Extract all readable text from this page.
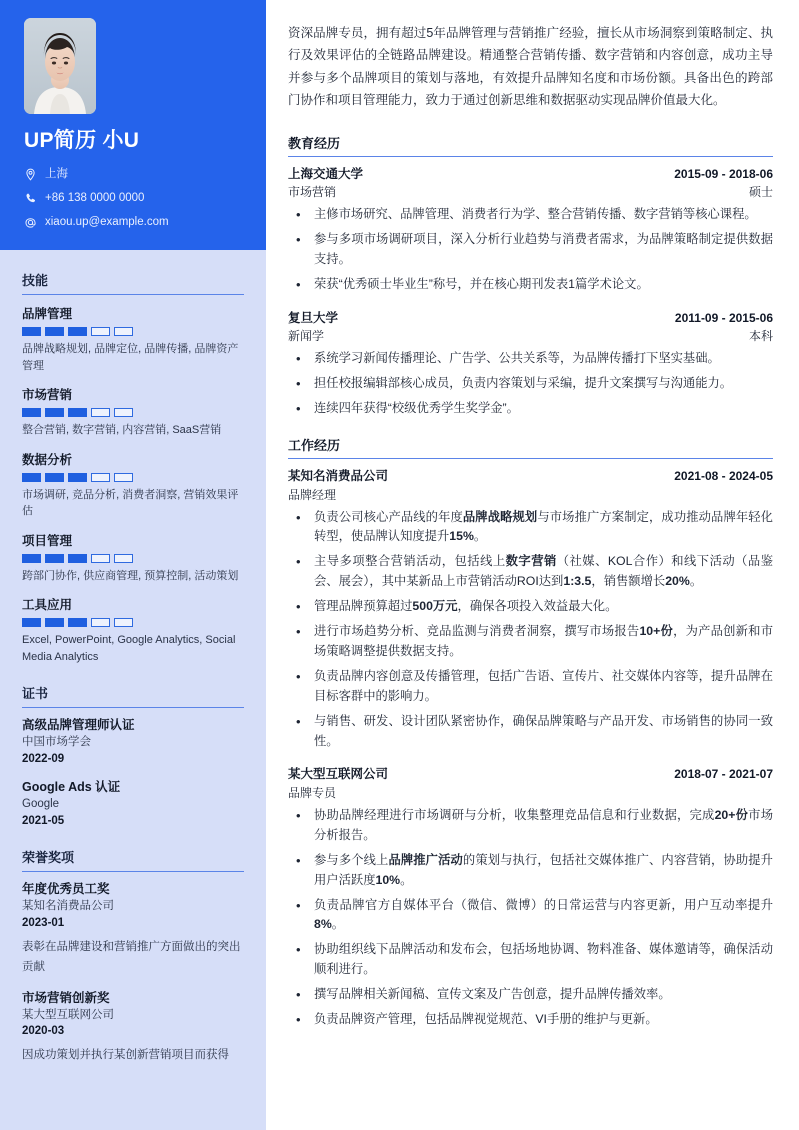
UP简历 小U
上海
+86 138 0000 0000
xiaou.up@example.com
技能
品牌管理
品牌战略规划, 品牌定位, 品牌传播, 品牌资产管理
市场营销
整合营销, 数字营销, 内容营销, SaaS营销
数据分析
市场调研, 竞品分析, 消费者洞察, 营销效果评估
项目管理
跨部门协作, 供应商管理, 预算控制, 活动策划
工具应用
Excel, PowerPoint, Google Analytics, Social Media Analytics
证书
高级品牌管理师认证
中国市场学会
2022-09
Google Ads 认证
Google
2021-05
荣誉奖项
年度优秀员工奖
某知名消费品公司
2023-01
表彰在品牌建设和营销推广方面做出的突出贡献
市场营销创新奖
某大型互联网公司
2020-03
因成功策划并执行某创新营销项目而获得

资深品牌专员，拥有超过5年品牌管理与营销推广经验，擅长从市场洞察到策略制定、执行及效果评估的全链路品牌建设。精通整合营销传播、数字营销和内容创意，成功主导并参与多个品牌项目的策划与落地，有效提升品牌知名度和市场份额。具备出色的跨部门协作和项目管理能力，致力于通过创新思维和数据驱动实现品牌价值最大化。

教育经历
上海交通大学	2015-09 - 2018-06
市场营销	硕士
• 主修市场研究、品牌管理、消费者行为学、整合营销传播、数字营销等核心课程。
• 参与多项市场调研项目，深入分析行业趋势与消费者需求，为品牌策略制定提供数据支持。
• 荣获“优秀硕士毕业生”称号，并在核心期刊发表1篇学术论文。
复旦大学	2011-09 - 2015-06
新闻学	本科
• 系统学习新闻传播理论、广告学、公共关系等，为品牌传播打下坚实基础。
• 担任校报编辑部核心成员，负责内容策划与采编，提升文案撰写与沟通能力。
• 连续四年获得“校级优秀学生奖学金”。
工作经历
某知名消费品公司	2021-08 - 2024-05
品牌经理
• 负责公司核心产品线的年度品牌战略规划与市场推广方案制定，成功推动品牌年轻化转型，使品牌认知度提升15%。
• 主导多项整合营销活动，包括线上数字营销（社媒、KOL合作）和线下活动（品鉴会、展会），其中某新品上市营销活动ROI达到1:3.5，销售额增长20%。
• 管理品牌预算超过500万元，确保各项投入效益最大化。
• 进行市场趋势分析、竞品监测与消费者洞察，撰写市场报告10+份，为产品创新和市场策略调整提供数据支持。
• 负责品牌内容创意及传播管理，包括广告语、宣传片、社交媒体内容等，提升品牌在目标客群中的影响力。
• 与销售、研发、设计团队紧密协作，确保品牌策略与产品开发、市场销售的协同一致性。
某大型互联网公司	2018-07 - 2021-07
品牌专员
• 协助品牌经理进行市场调研与分析，收集整理竞品信息和行业数据，完成20+份市场分析报告。
• 参与多个线上品牌推广活动的策划与执行，包括社交媒体推广、内容营销，协助提升用户活跃度10%。
• 负责品牌官方自媒体平台（微信、微博）的日常运营与内容更新，用户互动率提升8%。
• 协助组织线下品牌活动和发布会，包括场地协调、物料准备、媒体邀请等，确保活动顺利进行。
• 撰写品牌相关新闻稿、宣传文案及广告创意，提升品牌传播效率。
• 负责品牌资产管理，包括品牌视觉规范、VI手册的维护与更新。
